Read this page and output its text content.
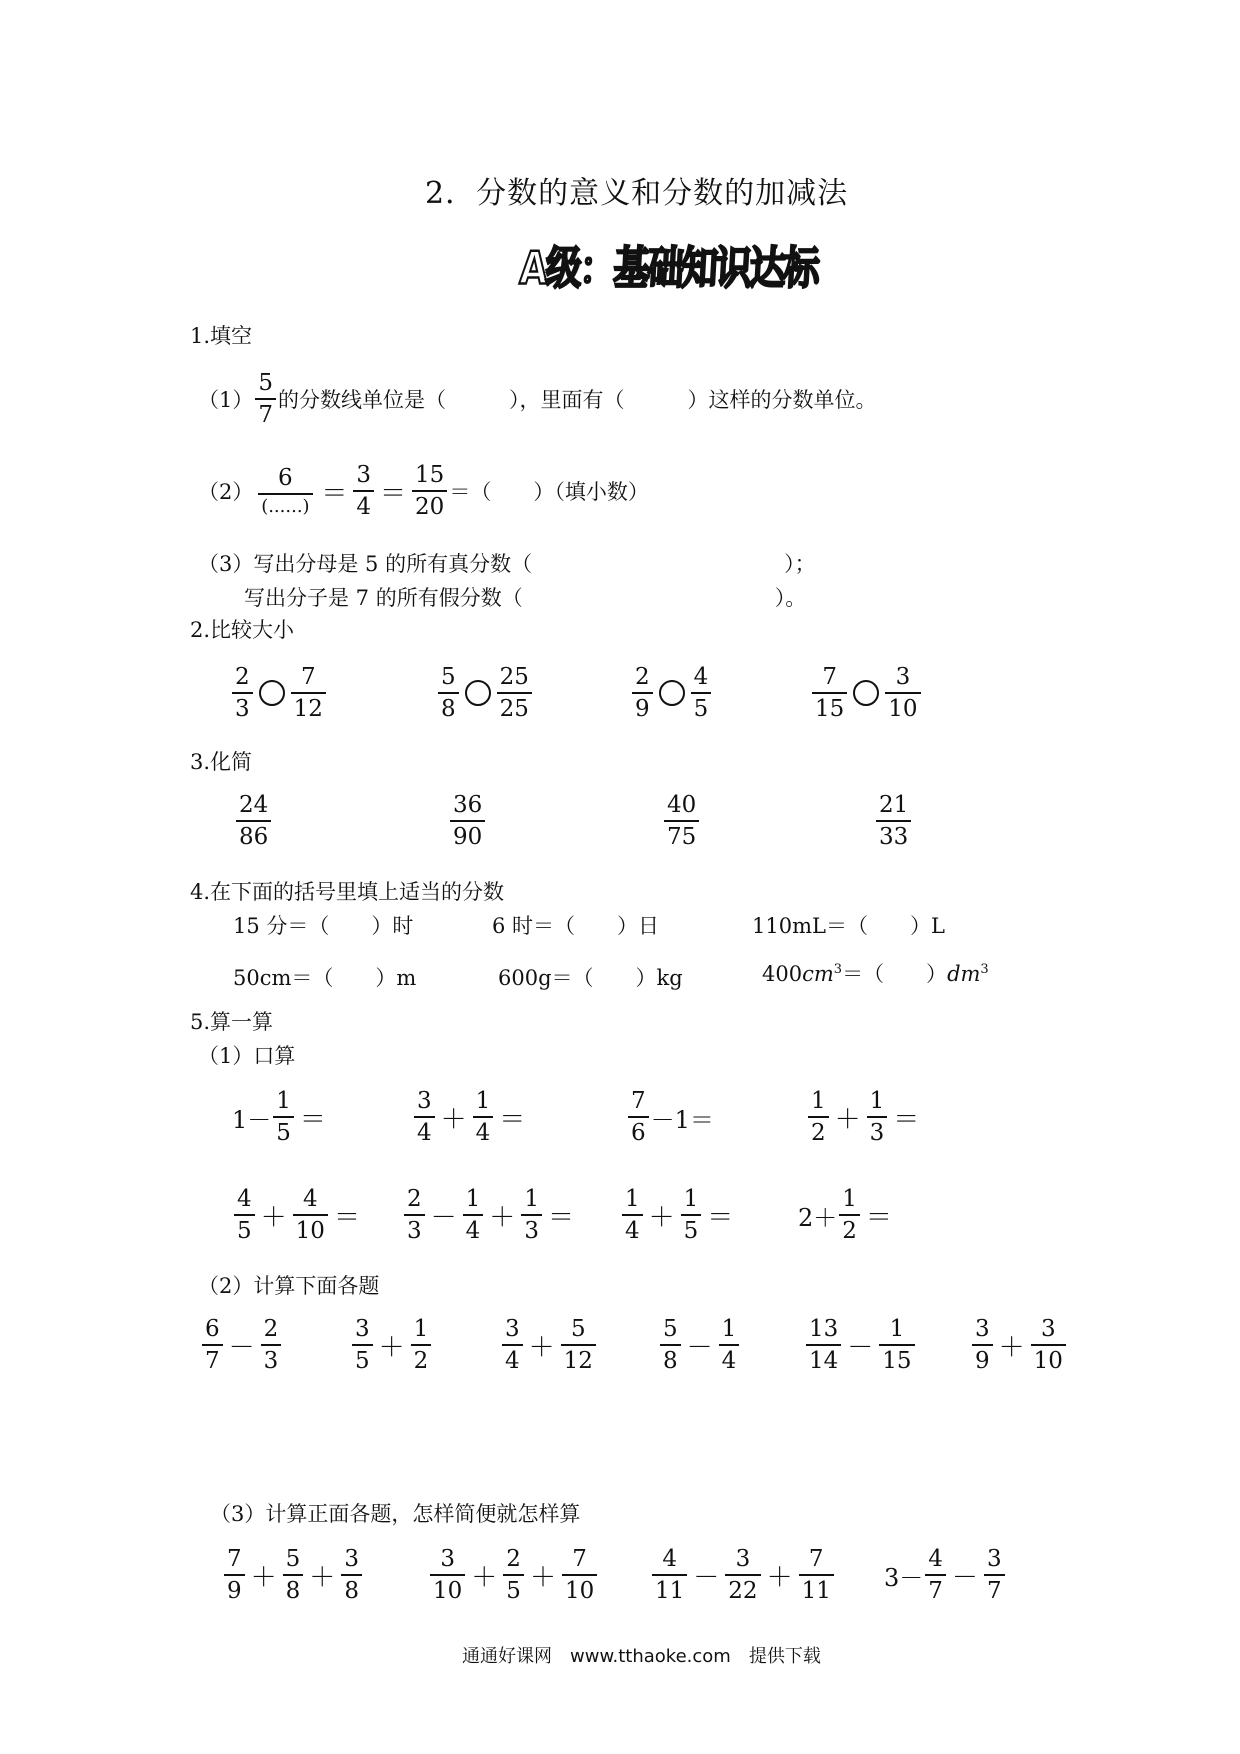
2．分数的意义和分数的加减法
A级：基础知识达标
1.填空
$(1) \frac{5}{7}$ 的分数线单位是（　　　），里面有（　　　）这样的分数单位。
$(2) \frac{6}{(......)} = \frac{3}{4} = \frac{15}{20}$ ＝（　　）（填小数）
（3）写出分母是 5 的所有真分数（　　　　　　　　　　　　）；
写出分子是 7 的所有假分数（　　　　　　　　　　　　）。
2.比较大小
3.化简
4.在下面的括号里填上适当的分数
15 分＝（　　）时	6 时＝（　　）日	110mL＝（　　）L
50cm＝（　　）m	600g＝（　　）kg	$400cm^3=$（　　）$dm^3$
5.算一算
（1）口算
（2）计算下面各题
（3）计算正面各题，怎样简便就怎样算
通通好课网　www.tthaoke.com　提供下载
$\frac{2}{3} \frac{7}{12}$	$\frac{5}{8} \frac{25}{25}$	$\frac{2}{9} \frac{4}{5}$	$\frac{7}{15} \frac{3}{10}$
$\frac{24}{86}$	$\frac{36}{90}$	$\frac{40}{75}$	$\frac{21}{33}$
$1- \frac{1}{5}$ ＝	$\frac{3}{4} + \frac{1}{4}$ ＝	$\frac{7}{6} -1=$	$\frac{1}{2} + \frac{1}{3}$ ＝
$\frac{4}{5} + \frac{4}{10} = \frac{2}{3} - \frac{1}{4} + \frac{1}{3} = \frac{1}{4} + \frac{1}{5}$ ＝	$2+ \frac{1}{2}$ ＝
$\frac{6}{7} - \frac{2}{3}$	$\frac{3}{5} + \frac{1}{2}$	$\frac{3}{4} + \frac{5}{12}$	$\frac{5}{8} - \frac{1}{4}$	$\frac{13}{14} - \frac{1}{15} \frac{3}{9} + \frac{3}{10}$
$\frac{7}{9} + \frac{5}{8} + \frac{3}{8}$	$\frac{3}{10} + \frac{2}{5} + \frac{7}{10} \frac{4}{11} - \frac{3}{22} + \frac{7}{11} 3- \frac{4}{7} - \frac{3}{7}$
